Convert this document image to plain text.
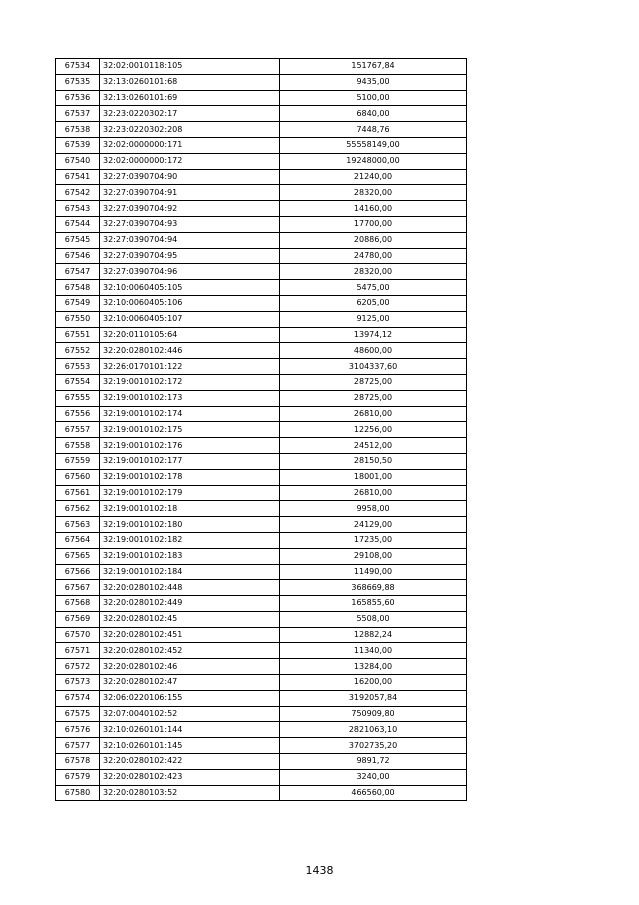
67534	32:02:0010118:105	151767,84
67535	32:13:0260101:68	9435,00
67536	32:13:0260101:69	5100,00
67537	32:23:0220302:17	6840,00
67538	32:23:0220302:208	7448,76
67539	32:02:0000000:171	55558149,00
67540	32:02:0000000:172	19248000,00
67541	32:27:0390704:90	21240,00
67542	32:27:0390704:91	28320,00
67543	32:27:0390704:92	14160,00
67544	32:27:0390704:93	17700,00
67545	32:27:0390704:94	20886,00
67546	32:27:0390704:95	24780,00
67547	32:27:0390704:96	28320,00
67548	32:10:0060405:105	5475,00
67549	32:10:0060405:106	6205,00
67550	32:10:0060405:107	9125,00
67551	32:20:0110105:64	13974,12
67552	32:20:0280102:446	48600,00
67553	32:26:0170101:122	3104337,60
67554	32:19:0010102:172	28725,00
67555	32:19:0010102:173	28725,00
67556	32:19:0010102:174	26810,00
67557	32:19:0010102:175	12256,00
67558	32:19:0010102:176	24512,00
67559	32:19:0010102:177	28150,50
67560	32:19:0010102:178	18001,00
67561	32:19:0010102:179	26810,00
67562	32:19:0010102:18	9958,00
67563	32:19:0010102:180	24129,00
67564	32:19:0010102:182	17235,00
67565	32:19:0010102:183	29108,00
67566	32:19:0010102:184	11490,00
67567	32:20:0280102:448	368669,88
67568	32:20:0280102:449	165855,60
67569	32:20:0280102:45	5508,00
67570	32:20:0280102:451	12882,24
67571	32:20:0280102:452	11340,00
67572	32:20:0280102:46	13284,00
67573	32:20:0280102:47	16200,00
67574	32:06:0220106:155	3192057,84
67575	32:07:0040102:52	750909,80
67576	32:10:0260101:144	2821063,10
67577	32:10:0260101:145	3702735,20
67578	32:20:0280102:422	9891,72
67579	32:20:0280102:423	3240,00
67580	32:20:0280103:52	466560,00
1438
